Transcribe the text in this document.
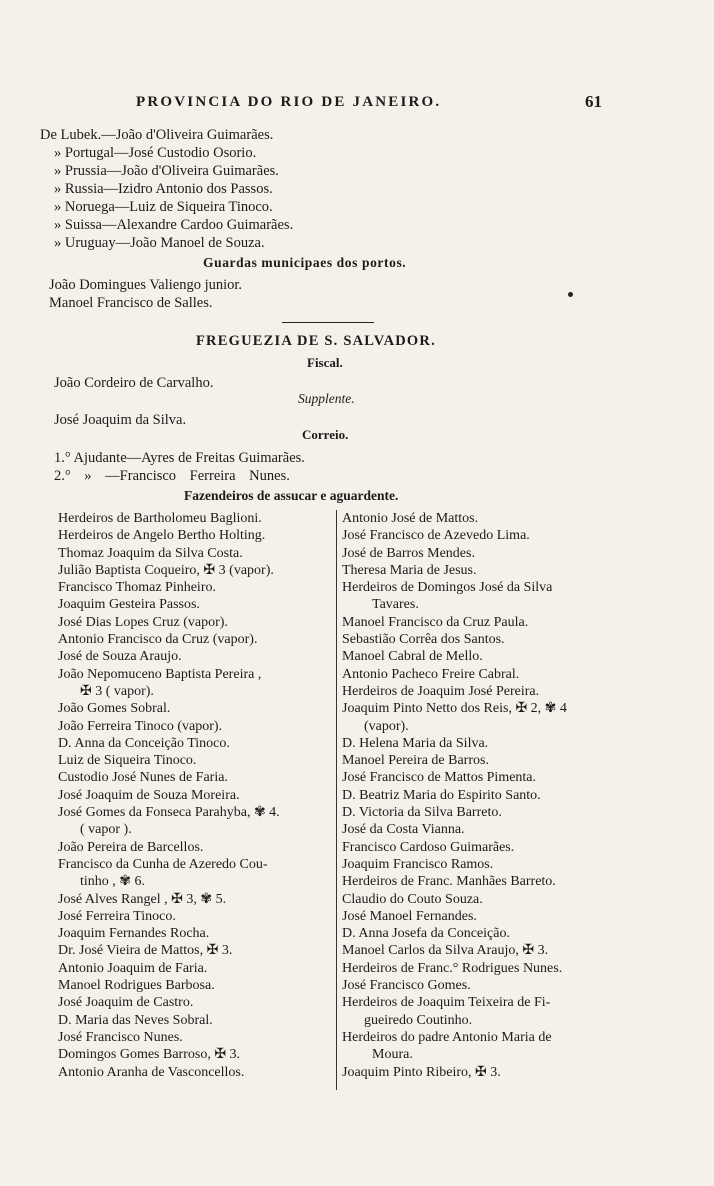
PROVINCIA DO RIO DE JANEIRO.	61
De Lubek.—João d'Oliveira Guimarães.
» Portugal—José Custodio Osorio.
» Prussia—João d'Oliveira Guimarães.
» Russia—Izidro Antonio dos Passos.
» Noruega—Luiz de Siqueira Tinoco.
» Suissa—Alexandre Cardoo Guimarães.
» Uruguay—João Manoel de Souza.
Guardas municipaes dos portos.
João Domingues Valiengo junior.
Manoel Francisco de Salles.
FREGUEZIA DE S. SALVADOR.
Fiscal.
João Cordeiro de Carvalho.
Supplente.
José Joaquim da Silva.
Correio.
1.° Ajudante—Ayres de Freitas Guimarães.
2.° » —Francisco Ferreira Nunes.
Fazendeiros de assucar e aguardente.
Herdeiros de Bartholomeu Baglioni.
Herdeiros de Angelo Bertho Holting.
Thomaz Joaquim da Silva Costa.
Julião Baptista Coqueiro, ✠ 3 (vapor).
Francisco Thomaz Pinheiro.
Joaquim Gesteira Passos.
José Dias Lopes Cruz (vapor).
Antonio Francisco da Cruz (vapor).
José de Souza Araujo.
João Nepomuceno Baptista Pereira ,
✠ 3 ( vapor).
João Gomes Sobral.
João Ferreira Tinoco (vapor).
D. Anna da Conceição Tinoco.
Luiz de Siqueira Tinoco.
Custodio José Nunes de Faria.
José Joaquim de Souza Moreira.
José Gomes da Fonseca Parahyba, ✾ 4.
( vapor ).
João Pereira de Barcellos.
Francisco da Cunha de Azeredo Cou-
tinho , ✾ 6.
José Alves Rangel , ✠ 3, ✾ 5.
José Ferreira Tinoco.
Joaquim Fernandes Rocha.
Dr. José Vieira de Mattos, ✠ 3.
Antonio Joaquim de Faria.
Manoel Rodrigues Barbosa.
José Joaquim de Castro.
D. Maria das Neves Sobral.
José Francisco Nunes.
Domingos Gomes Barroso, ✠ 3.
Antonio Aranha de Vasconcellos.
Antonio José de Mattos.
José Francisco de Azevedo Lima.
José de Barros Mendes.
Theresa Maria de Jesus.
Herdeiros de Domingos José da Silva
Tavares.
Manoel Francisco da Cruz Paula.
Sebastião Corrêa dos Santos.
Manoel Cabral de Mello.
Antonio Pacheco Freire Cabral.
Herdeiros de Joaquim José Pereira.
Joaquim Pinto Netto dos Reis, ✠ 2, ✾ 4
(vapor).
D. Helena Maria da Silva.
Manoel Pereira de Barros.
José Francisco de Mattos Pimenta.
D. Beatriz Maria do Espirito Santo.
D. Victoria da Silva Barreto.
José da Costa Vianna.
Francisco Cardoso Guimarães.
Joaquim Francisco Ramos.
Herdeiros de Franc. Manhães Barreto.
Claudio do Couto Souza.
José Manoel Fernandes.
D. Anna Josefa da Conceição.
Manoel Carlos da Silva Araujo, ✠ 3.
Herdeiros de Franc.° Rodrigues Nunes.
José Francisco Gomes.
Herdeiros de Joaquim Teixeira de Fi-
gueiredo Coutinho.
Herdeiros do padre Antonio Maria de
Moura.
Joaquim Pinto Ribeiro, ✠ 3.
